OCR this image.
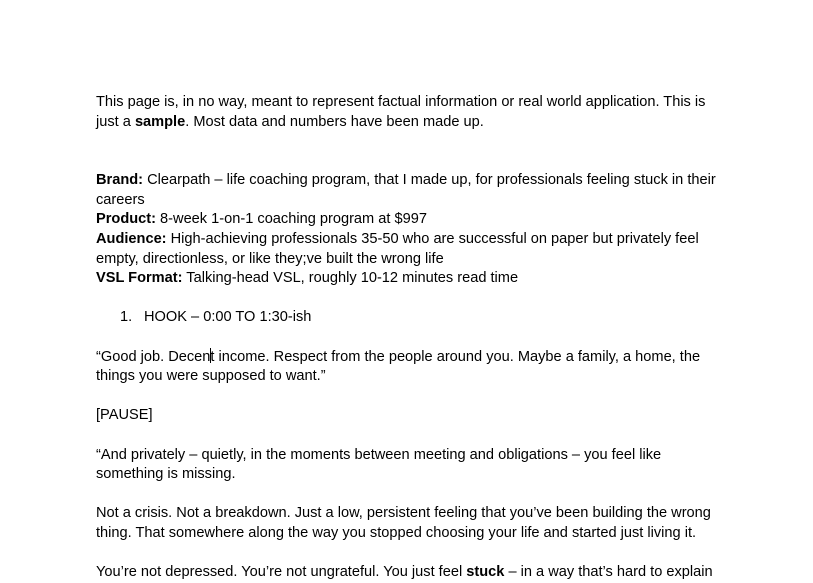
This page is, in no way, meant to represent factual information or real world application. This is just a sample. Most data and numbers have been made up.

Brand: Clearpath – life coaching program, that I made up, for professionals feeling stuck in their careers

Product: 8-week 1-on-1 coaching program at $997

Audience: High-achieving professionals 35-50 who are successful on paper but privately feel empty, directionless, or like they;ve built the wrong life

VSL Format: Talking-head VSL, roughly 10-12 minutes read time

1. HOOK – 0:00 TO 1:30-ish

“Good job. Decent income. Respect from the people around you. Maybe a family, a home, the things you were supposed to want.”

[PAUSE]

“And privately – quietly, in the moments between meeting and obligations – you feel like something is missing.

Not a crisis. Not a breakdown. Just a low, persistent feeling that you’ve been building the wrong thing. That somewhere along the way you stopped choosing your life and started just living it.

You’re not depressed. You’re not ungrateful. You just feel stuck – in a way that’s hard to explain
